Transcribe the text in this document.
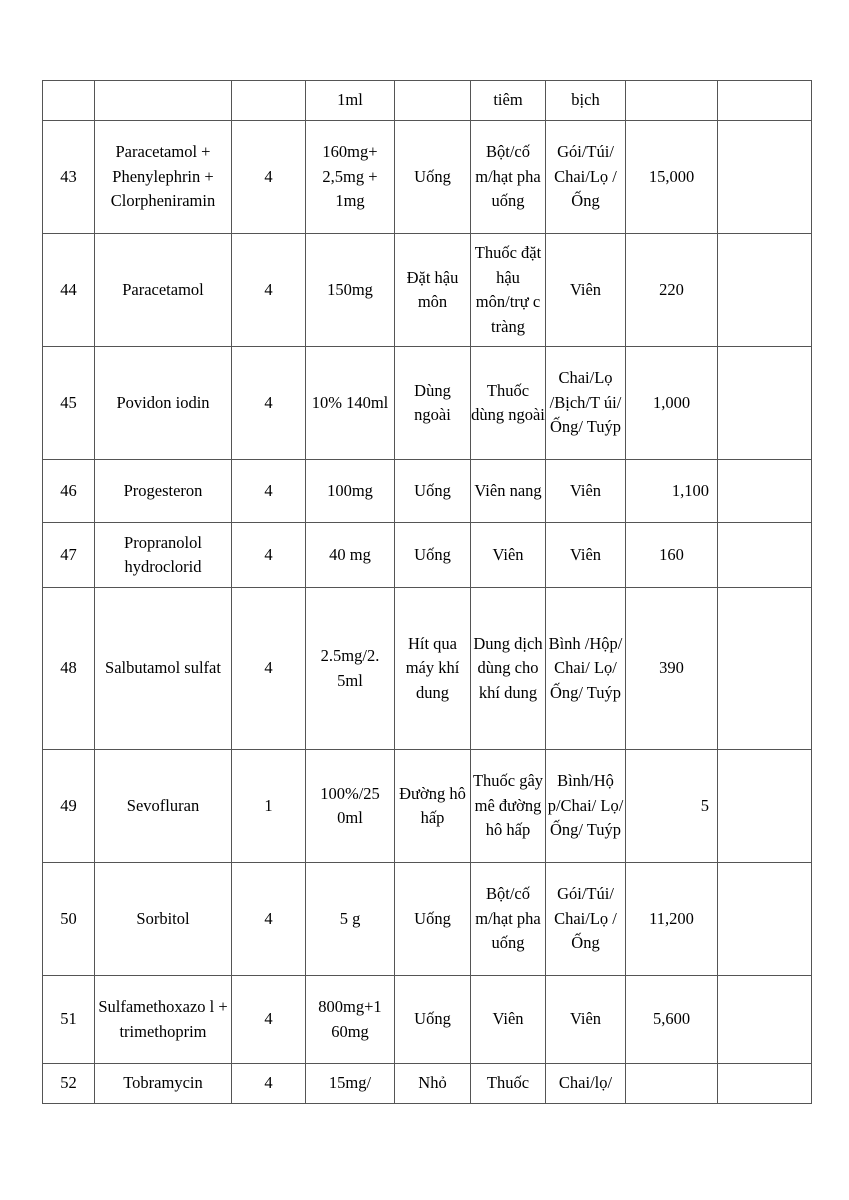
			1ml		tiêm	bịch		
43	Paracetamol + Phenylephrin + Clorpheniramin	4	160mg+ 2,5mg + 1mg	Uống	Bột/cố m/hạt pha uống	Gói/Túi/ Chai/Lọ /Ống	15,000	
44	Paracetamol	4	150mg	Đặt hậu môn	Thuốc đặt hậu môn/trự c tràng	Viên	220	
45	Povidon iodin	4	10% 140ml	Dùng ngoài	Thuốc dùng ngoài	Chai/Lọ /Bịch/T úi/Ống/ Tuýp	1,000	
46	Progesteron	4	100mg	Uống	Viên nang	Viên	1,100	
47	Propranolol hydroclorid	4	40 mg	Uống	Viên	Viên	160	
48	Salbutamol sulfat	4	2.5mg/2. 5ml	Hít qua máy khí dung	Dung dịch dùng cho khí dung	Bình /Hộp/ Chai/ Lọ/ Ống/ Tuýp	390	
49	Sevofluran	1	100%/25 0ml	Đường hô hấp	Thuốc gây mê đường hô hấp	Bình/Hộ p/Chai/ Lọ/Ống/ Tuýp	5	
50	Sorbitol	4	5 g	Uống	Bột/cố m/hạt pha uống	Gói/Túi/ Chai/Lọ /Ống	11,200	
51	Sulfamethoxazo l + trimethoprim	4	800mg+1 60mg	Uống	Viên	Viên	5,600	
52	Tobramycin	4	15mg/	Nhỏ	Thuốc	Chai/lọ/		
